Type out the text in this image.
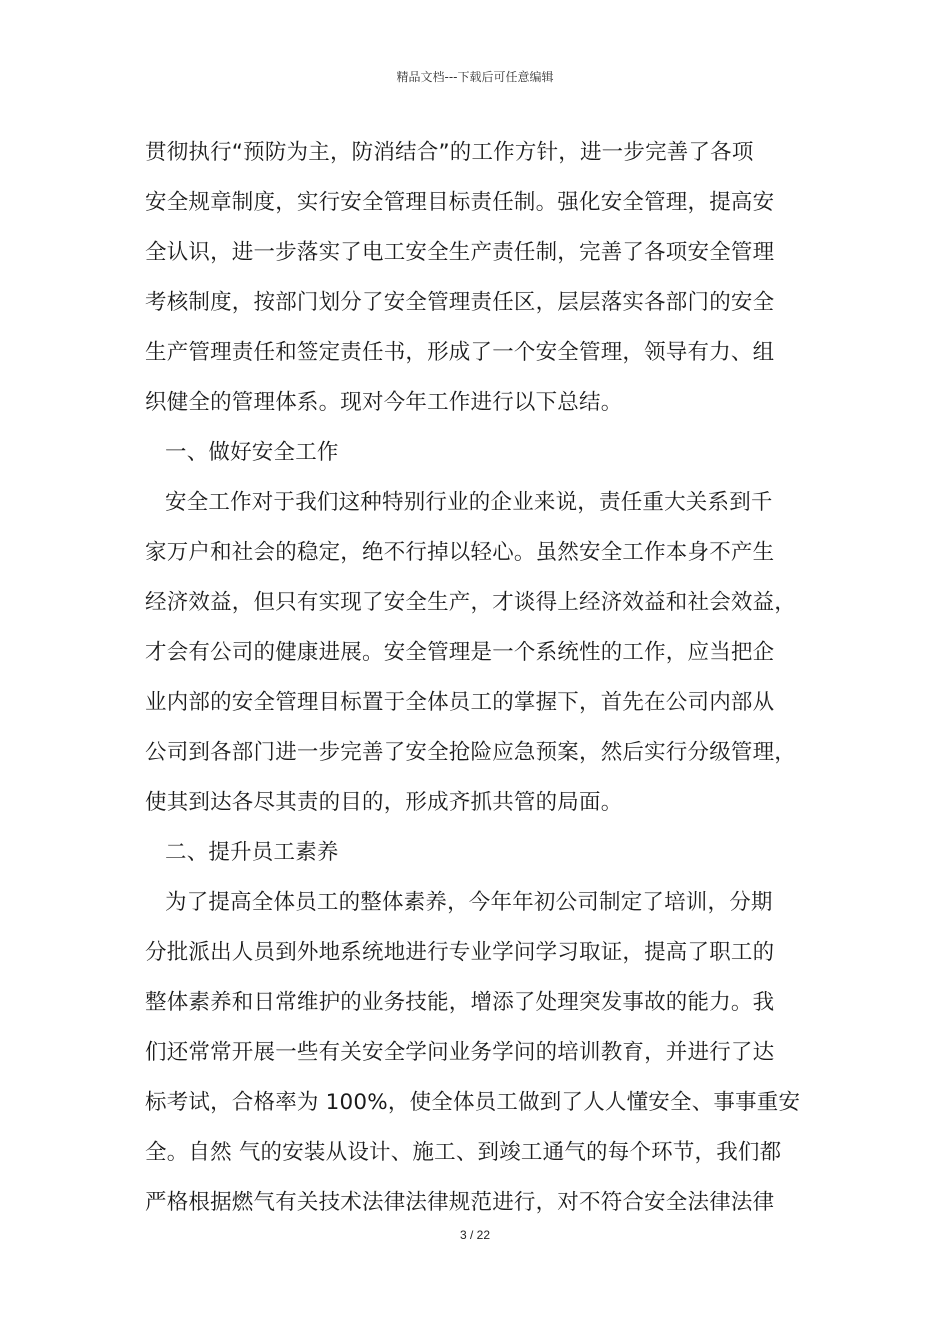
精品文档---下载后可任意编辑
贯彻执行“预防为主，防消结合”的工作方针，进一步完善了各项
安全规章制度，实行安全管理目标责任制。强化安全管理，提高安
全认识，进一步落实了电工安全生产责任制，完善了各项安全管理
考核制度，按部门划分了安全管理责任区，层层落实各部门的安全
生产管理责任和签定责任书，形成了一个安全管理，领导有力、组
织健全的管理体系。现对今年工作进行以下总结。
一、做好安全工作
安全工作对于我们这种特别行业的企业来说，责任重大关系到千
家万户和社会的稳定，绝不行掉以轻心。虽然安全工作本身不产生
经济效益，但只有实现了安全生产，才谈得上经济效益和社会效益，
才会有公司的健康进展。安全管理是一个系统性的工作，应当把企
业内部的安全管理目标置于全体员工的掌握下，首先在公司内部从
公司到各部门进一步完善了安全抢险应急预案，然后实行分级管理，
使其到达各尽其责的目的，形成齐抓共管的局面。
二、提升员工素养
为了提高全体员工的整体素养，今年年初公司制定了培训，分期
分批派出人员到外地系统地进行专业学问学习取证，提高了职工的
整体素养和日常维护的业务技能，增添了处理突发事故的能力。我
们还常常开展一些有关安全学问业务学问的培训教育，并进行了达
标考试，合格率为 100%，使全体员工做到了人人懂安全、事事重安
全。自然 气的安装从设计、施工、到竣工通气的每个环节，我们都
严格根据燃气有关技术法律法律规范进行，对不符合安全法律法律
3 / 22
